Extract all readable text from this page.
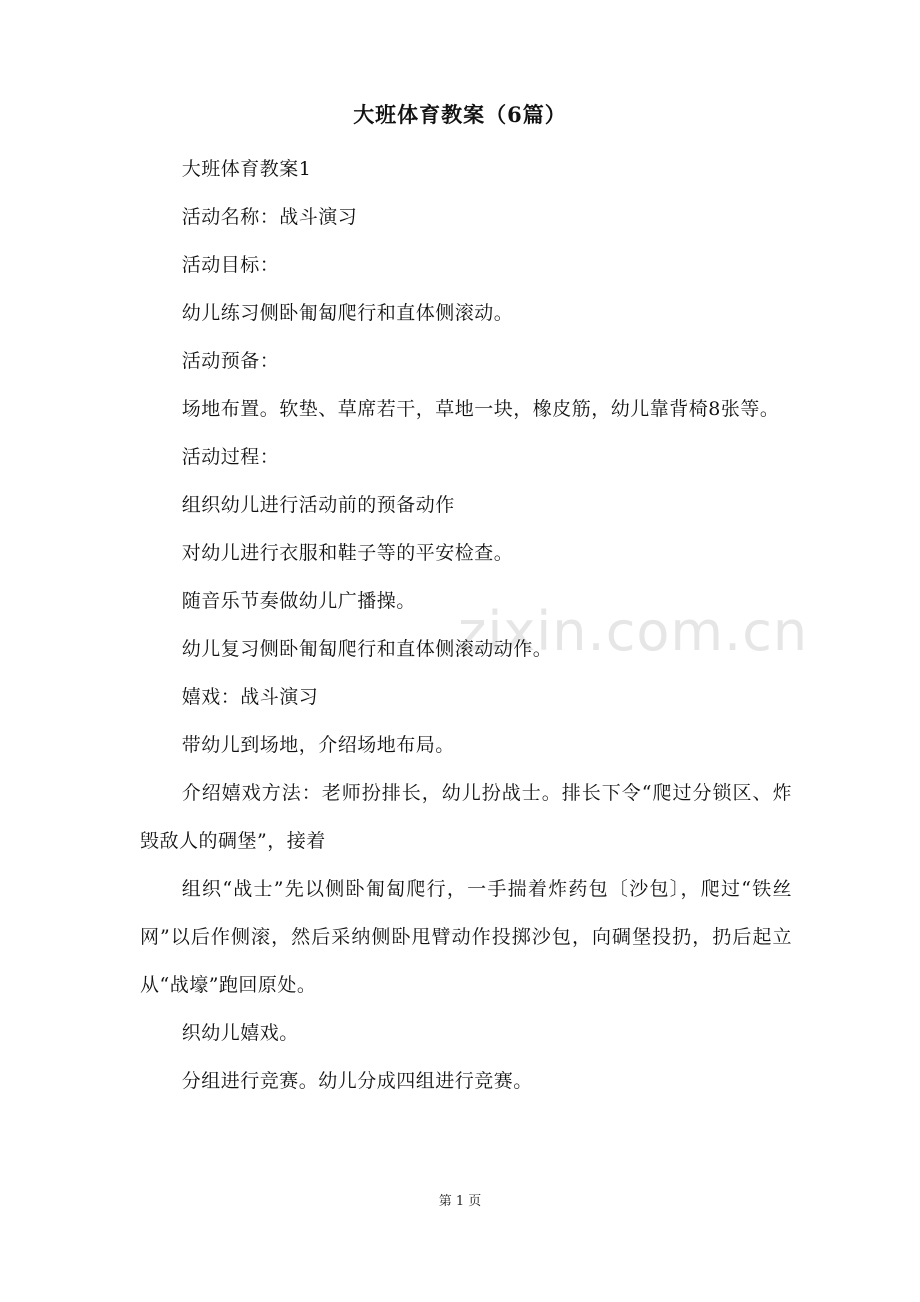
zixin.com.cn
大班体育教案（6篇）

大班体育教案1

活动名称：战斗演习

活动目标：

幼儿练习侧卧匍匐爬行和直体侧滚动。

活动预备：

场地布置。软垫、草席若干，草地一块，橡皮筋，幼儿靠背椅8张等。

活动过程：

组织幼儿进行活动前的预备动作

对幼儿进行衣服和鞋子等的平安检查。

随音乐节奏做幼儿广播操。

幼儿复习侧卧匍匐爬行和直体侧滚动动作。

嬉戏：战斗演习

带幼儿到场地，介绍场地布局。

介绍嬉戏方法：老师扮排长，幼儿扮战士。排长下令“爬过分锁区、炸毁敌人的碉堡”，接着

组织“战士”先以侧卧匍匐爬行，一手揣着炸药包〔沙包〕，爬过“铁丝网”以后作侧滚，然后采纳侧卧甩臂动作投掷沙包，向碉堡投扔，扔后起立从“战壕”跑回原处。

织幼儿嬉戏。

分组进行竞赛。幼儿分成四组进行竞赛。

第 1 页
